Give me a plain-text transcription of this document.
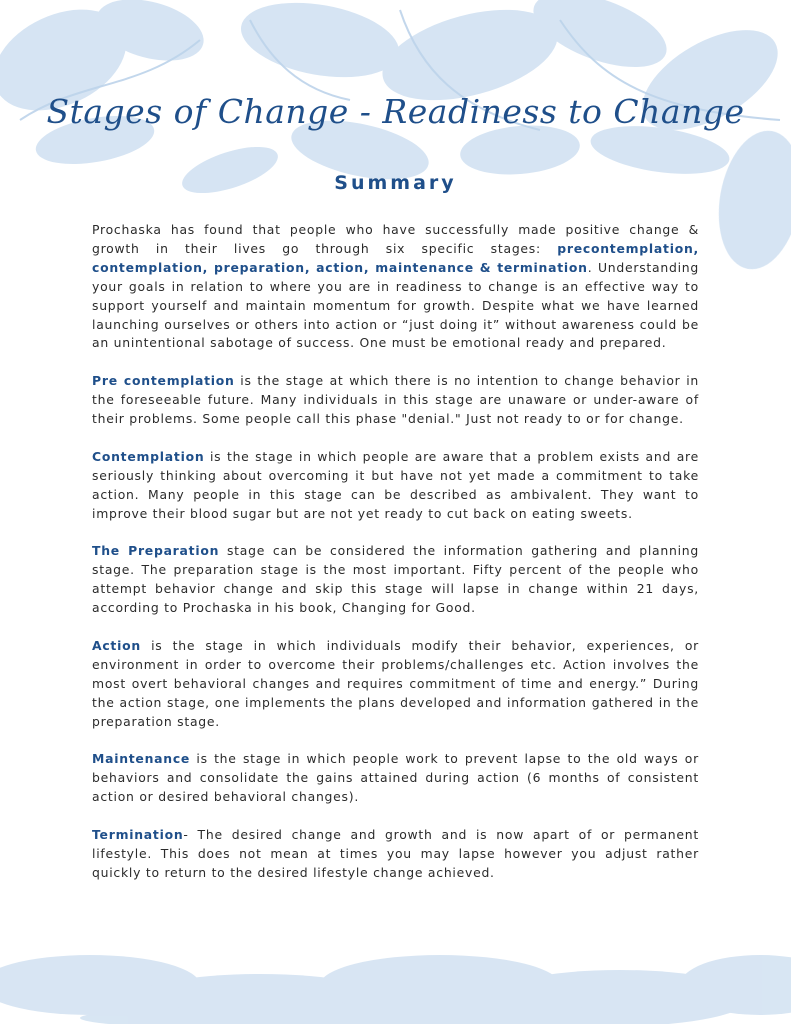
Stages of Change - Readiness to Change
Summary

Prochaska has found that people who have successfully made positive change & growth in their lives go through six specific stages: precontemplation, contemplation, preparation, action, maintenance & termination. Understanding your goals in relation to where you are in readiness to change is an effective way to support yourself and maintain momentum for growth. Despite what we have learned launching ourselves or others into action or “just doing it” without awareness could be an unintentional sabotage of success. One must be emotional ready and prepared.

Pre contemplation is the stage at which there is no intention to change behavior in the foreseeable future. Many individuals in this stage are unaware or under-aware of their problems. Some people call this phase "denial." Just not ready to or for change.

Contemplation is the stage in which people are aware that a problem exists and are seriously thinking about overcoming it but have not yet made a commitment to take action. Many people in this stage can be described as ambivalent. They want to improve their blood sugar but are not yet ready to cut back on eating sweets.

The Preparation stage can be considered the information gathering and planning stage. The preparation stage is the most important. Fifty percent of the people who attempt behavior change and skip this stage will lapse in change within 21 days, according to Prochaska in his book, Changing for Good.

Action is the stage in which individuals modify their behavior, experiences, or environment in order to overcome their problems/challenges etc. Action involves the most overt behavioral changes and requires commitment of time and energy.” During the action stage, one implements the plans developed and information gathered in the preparation stage.

Maintenance is the stage in which people work to prevent lapse to the old ways or behaviors and consolidate the gains attained during action (6 months of consistent action or desired behavioral changes).

Termination- The desired change and growth and is now apart of or permanent lifestyle. This does not mean at times you may lapse however you adjust rather quickly to return to the desired lifestyle change achieved.
